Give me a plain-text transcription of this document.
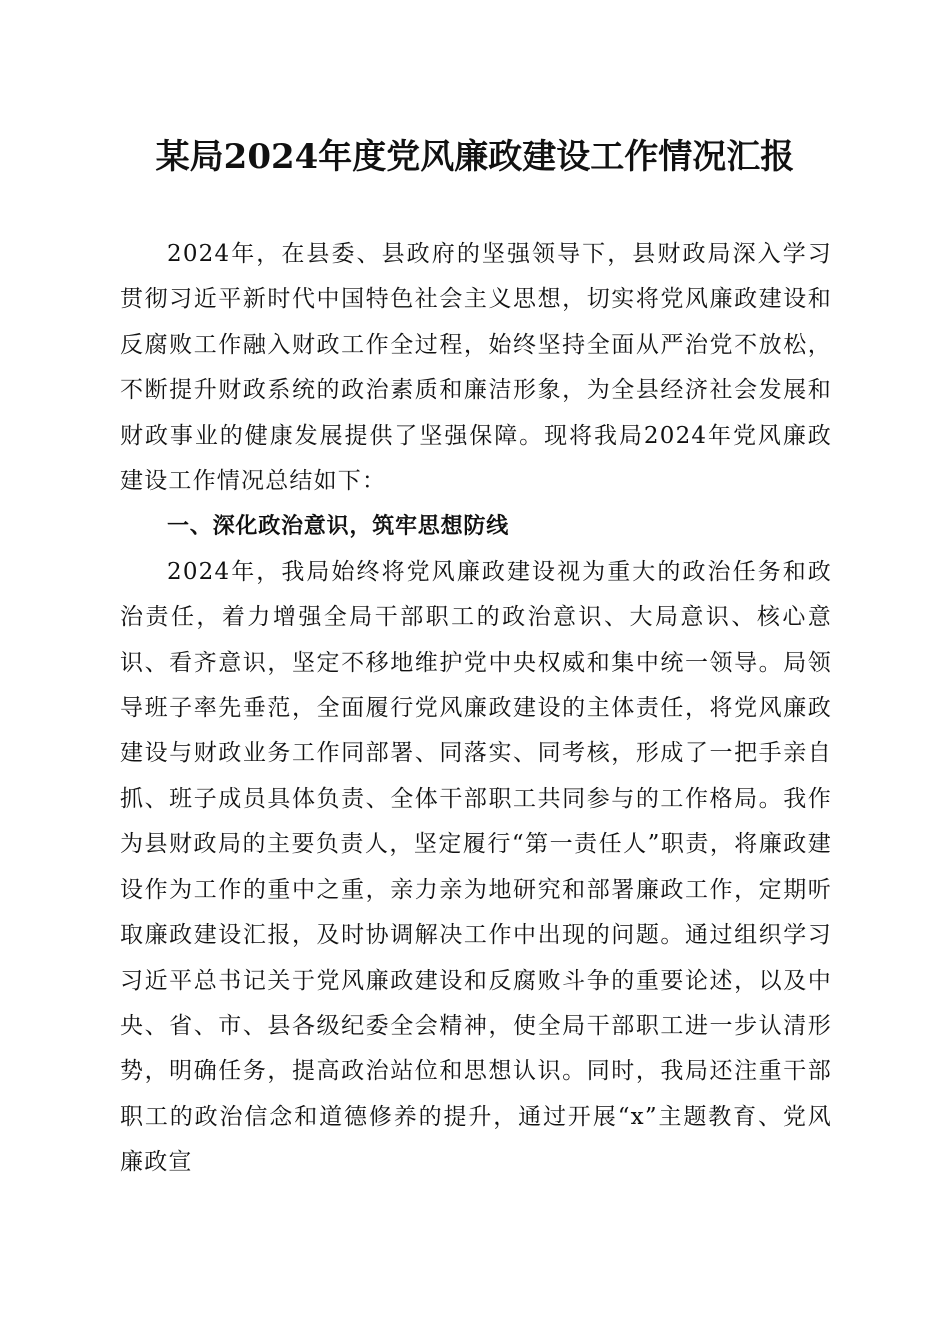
某局2024年度党风廉政建设工作情况汇报

2024年，在县委、县政府的坚强领导下，县财政局深入学习贯彻习近平新时代中国特色社会主义思想，切实将党风廉政建设和反腐败工作融入财政工作全过程，始终坚持全面从严治党不放松，不断提升财政系统的政治素质和廉洁形象，为全县经济社会发展和财政事业的健康发展提供了坚强保障。现将我局2024年党风廉政建设工作情况总结如下：

一、深化政治意识，筑牢思想防线

2024年，我局始终将党风廉政建设视为重大的政治任务和政治责任，着力增强全局干部职工的政治意识、大局意识、核心意识、看齐意识，坚定不移地维护党中央权威和集中统一领导。局领导班子率先垂范，全面履行党风廉政建设的主体责任，将党风廉政建设与财政业务工作同部署、同落实、同考核，形成了一把手亲自抓、班子成员具体负责、全体干部职工共同参与的工作格局。我作为县财政局的主要负责人，坚定履行“第一责任人”职责，将廉政建设作为工作的重中之重，亲力亲为地研究和部署廉政工作，定期听取廉政建设汇报，及时协调解决工作中出现的问题。通过组织学习习近平总书记关于党风廉政建设和反腐败斗争的重要论述，以及中央、省、市、县各级纪委全会精神，使全局干部职工进一步认清形势，明确任务，提高政治站位和思想认识。同时，我局还注重干部职工的政治信念和道德修养的提升，通过开展“x”主题教育、党风廉政宣
